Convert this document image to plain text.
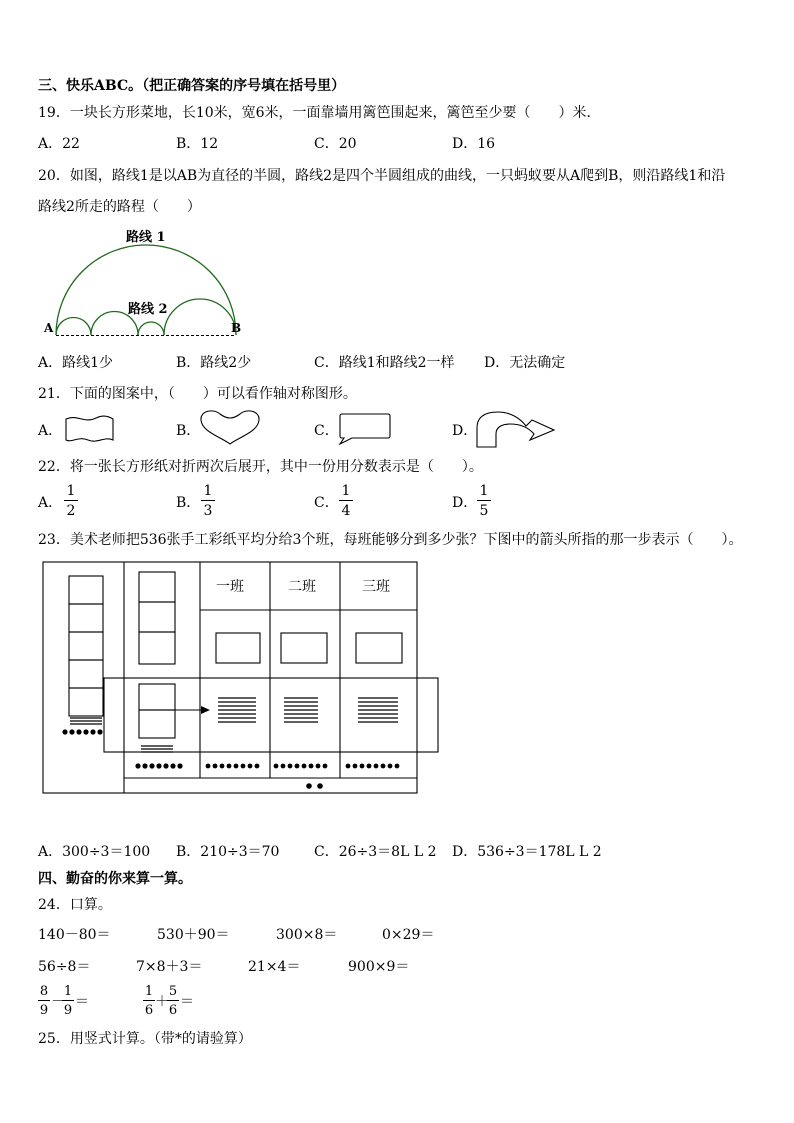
三、快乐ABC。（把正确答案的序号填在括号里）
19．一块长方形菜地，长10米，宽6米，一面靠墙用篱笆围起来，篱笆至少要（　　）米．
A．22	B．12	C．20	D．16
20．如图，路线1是以AB为直径的半圆，路线2是四个半圆组成的曲线，一只蚂蚁要从A爬到B，则沿路线1和沿
路线2所走的路程（　　）
路线 1
路线 2
A	B
A．路线1少	B．路线2少	C．路线1和路线2一样 D．无法确定
21．下面的图案中，（　　）可以看作轴对称图形。
A．	B．	C．	D．
22．将一张长方形纸对折两次后展开，其中一份用分数表示是（　　）。
A．
1
2	B．
1
3	C．
1
4	D．
1
5
23．美术老师把536张手工彩纸平均分给3个班，每班能够分到多少张？下图中的箭头所指的那一步表示（　　）。
一班	二班	三班
A．300÷3＝100 B．210÷3＝70 C．26÷3＝8L L 2 D．536÷3＝178L L 2
四、勤奋的你来算一算。
24．口算。
140－80＝	530＋90＝	300×8＝	0×29＝
56÷8＝	7×8＋3＝	21×4＝	900×9＝
8
9
－
1
9
＝
1
6
＋
5
6
＝
25．用竖式计算。（带*的请验算）
